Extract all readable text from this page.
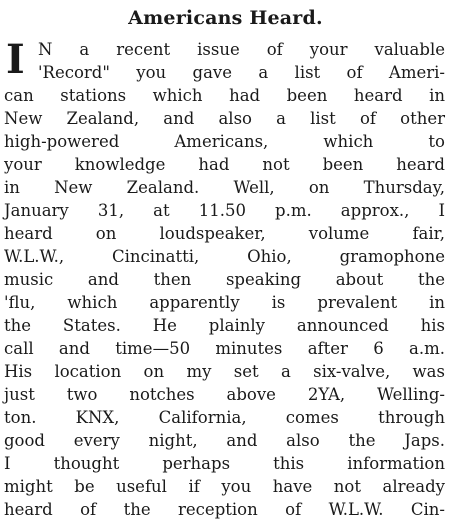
Americans Heard.
I N a recent issue of your valuable
'Record" you gave a list of Ameri-
can stations which had been heard in
New Zealand, and also a list of other
high-powered Americans, which to
your knowledge had not been heard
in New Zealand. Well, on Thursday,
January 31, at 11.50 p.m. approx., I
heard on loudspeaker, volume fair,
W.L.W., Cincinatti, Ohio, gramophone
music and then speaking about the
'flu, which apparently is prevalent in
the States. He plainly announced his
call and time—50 minutes after 6 a.m.
His location on my set a six-valve, was
just two notches above 2YA, Welling-
ton. KNX, California, comes through
good every night, and also the Japs.
I thought perhaps this information
might be useful if you have not already
heard of the reception of W.L.W. Cin-
